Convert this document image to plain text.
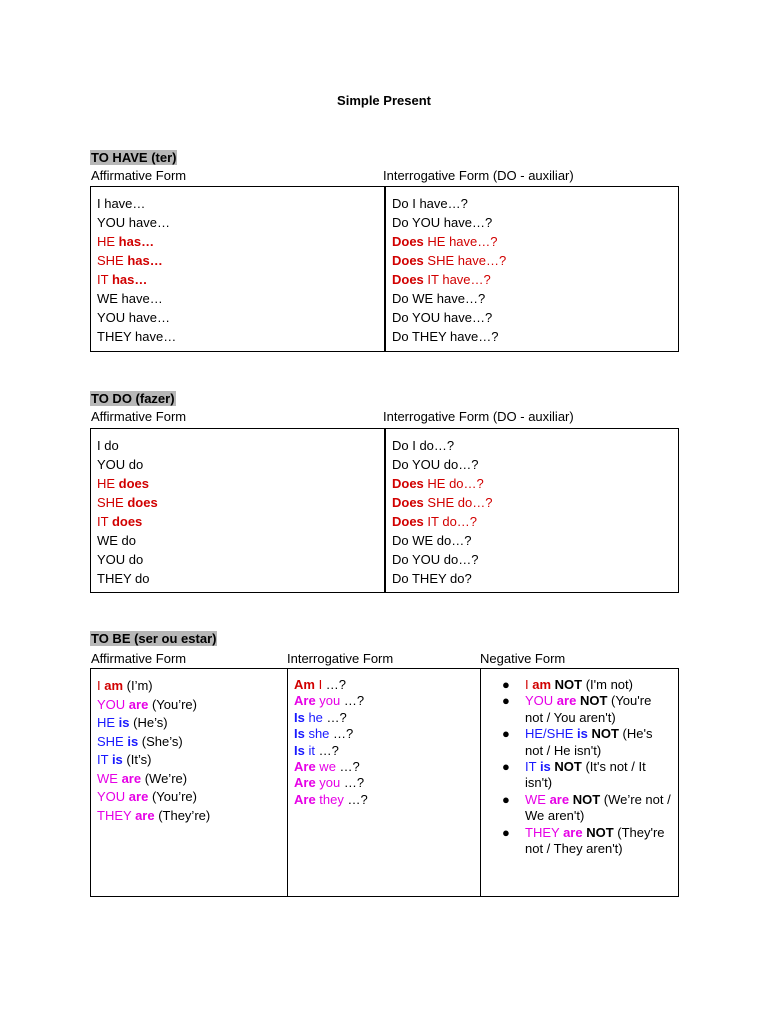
Simple Present
TO HAVE (ter)
Affirmative Form	Interrogative Form (DO - auxiliar)
I have…
YOU have…
HE has…
SHE has…
IT has…
WE have…
YOU have…
THEY have…

Do I have…?
Do YOU have…?
Does HE have…?
Does SHE have…?
Does IT have…?
Do WE have…?
Do YOU have…?
Do THEY have…?
TO DO (fazer)
Affirmative Form	Interrogative Form (DO - auxiliar)
I do
YOU do
HE does
SHE does
IT does
WE do
YOU do
THEY do

Do I do…?
Do YOU do…?
Does HE do…?
Does SHE do…?
Does IT do…?
Do WE do…?
Do YOU do…?
Do THEY do?
TO BE (ser ou estar)
Affirmative Form	Interrogative Form	Negative Form
I am (I’m)
YOU are (You’re)
HE is (He’s)
SHE is (She’s)
IT is (It’s)
WE are (We’re)
YOU are (You’re)
THEY are (They’re)

Am I …?
Are you …?
Is he …?
Is she …?
Is it …?
Are we …?
Are you …?
Are they …?

● I am NOT (I'm not)
● YOU are NOT (You're not / You aren't)
● HE/SHE is NOT (He's not / He isn't)
● IT is NOT (It's not / It isn't)
● WE are NOT (We’re not / We aren't)
● THEY are NOT (They're not / They aren't)
